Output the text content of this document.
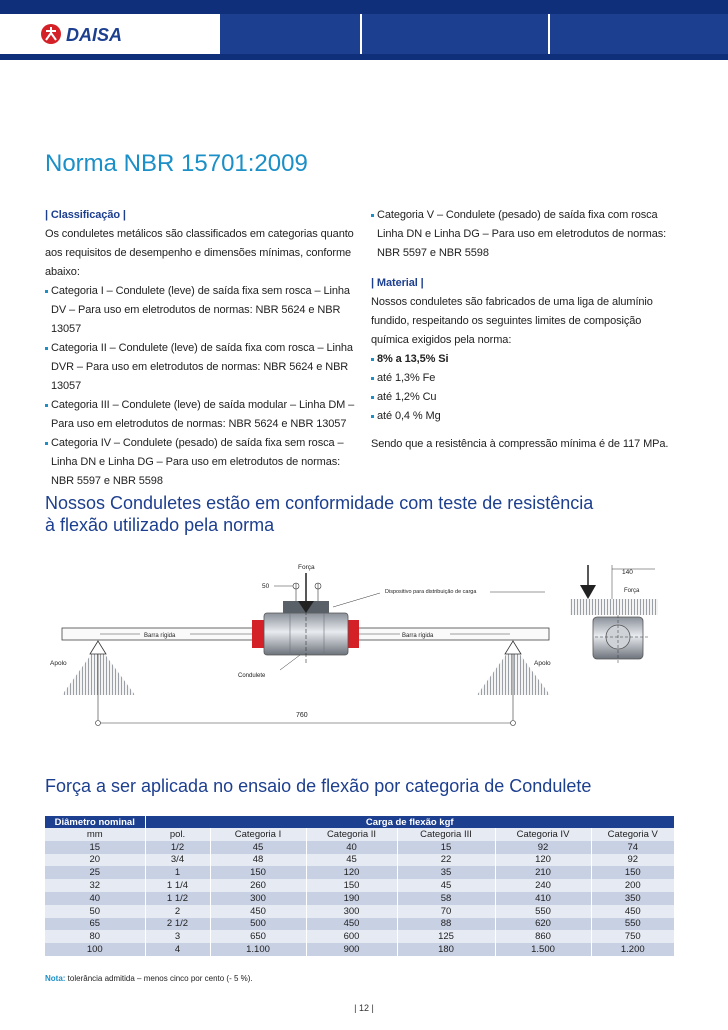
DAISA
Norma NBR 15701:2009
| Classificação |
Os conduletes metálicos são classificados em categorias quanto aos requisitos de desempenho e dimensões mínimas, conforme abaixo:
Categoria I – Condulete (leve) de saída fixa sem rosca – Linha DV – Para uso em eletrodutos de normas: NBR 5624 e NBR 13057
Categoria II – Condulete (leve) de saída fixa com rosca – Linha DVR – Para uso em eletrodutos de normas: NBR 5624 e NBR 13057
Categoria III – Condulete (leve) de saída modular – Linha DM – Para uso em eletrodutos de normas: NBR 5624 e NBR 13057
Categoria IV – Condulete (pesado) de saída fixa sem rosca – Linha DN e Linha DG – Para uso em eletrodutos de normas: NBR 5597 e NBR 5598
Categoria V – Condulete (pesado) de saída fixa com rosca Linha DN e Linha DG – Para uso em eletrodutos de normas: NBR 5597 e NBR 5598
| Material |
Nossos conduletes são fabricados de uma liga de alumínio fundido, respeitando os seguintes limites de composição química exigidos pela norma:
8% a 13,5% Si
até 1,3% Fe
até 1,2% Cu
até 0,4 % Mg
Sendo que a resistência à compressão mínima é de 117 MPa.
Nossos Conduletes estão em conformidade com teste de resistência
à flexão utilizado pela norma
Barra rígida	Barra rígida
Apolo	Apolo
Força
50
Dispositivo para distribuição de carga
Condulete
760
140
Força
Força a ser aplicada no ensaio de flexão por categoria de Condulete
Diâmetro nominal	Carga de flexão kgf					
mm	pol.	Categoria I	Categoria II	Categoria III	Categoria IV	Categoria V
15	1/2	45	40	15	92	74
20	3/4	48	45	22	120	92
25	1	150	120	35	210	150
32	1 1/4	260	150	45	240	200
40	1 1/2	300	190	58	410	350
50	2	450	300	70	550	450
65	2 1/2	500	450	88	620	550
80	3	650	600	125	860	750
100	4	1.100	900	180	1.500	1.200
Nota: tolerância admitida – menos cinco por cento (- 5 %).
| 12 |
